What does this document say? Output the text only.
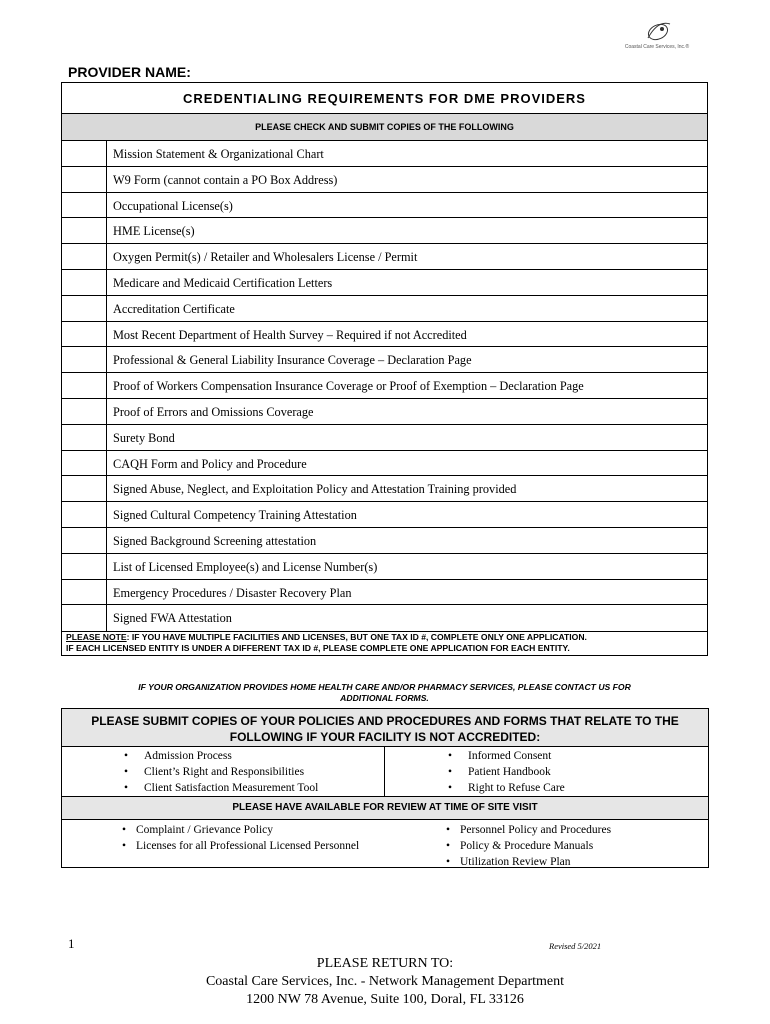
Coastal Care Services, Inc.®
PROVIDER NAME:
CREDENTIALING REQUIREMENTS FOR DME PROVIDERS
PLEASE CHECK AND SUBMIT COPIES OF THE FOLLOWING
Mission Statement & Organizational Chart
W9 Form (cannot contain a PO Box Address)
Occupational License(s)
HME License(s)
Oxygen Permit(s) / Retailer and Wholesalers License / Permit
Medicare and Medicaid Certification Letters
Accreditation Certificate
Most Recent Department of Health Survey – Required if not Accredited
Professional & General Liability Insurance Coverage – Declaration Page
Proof of Workers Compensation Insurance Coverage or Proof of Exemption – Declaration Page
Proof of Errors and Omissions Coverage
Surety Bond
CAQH Form and Policy and Procedure
Signed Abuse, Neglect, and Exploitation Policy and Attestation Training provided
Signed Cultural Competency Training Attestation
Signed Background Screening attestation
List of Licensed Employee(s) and License Number(s)
Emergency Procedures / Disaster Recovery Plan
Signed FWA Attestation
PLEASE NOTE: IF YOU HAVE MULTIPLE FACILITIES AND LICENSES, BUT ONE TAX ID #, COMPLETE ONLY ONE APPLICATION.
IF EACH LICENSED ENTITY IS UNDER A DIFFERENT TAX ID #, PLEASE COMPLETE ONE APPLICATION FOR EACH ENTITY.
IF YOUR ORGANIZATION PROVIDES HOME HEALTH CARE AND/OR PHARMACY SERVICES, PLEASE CONTACT US FOR
ADDITIONAL FORMS.
PLEASE SUBMIT COPIES OF YOUR POLICIES AND PROCEDURES AND FORMS THAT RELATE TO THE
FOLLOWING IF YOUR FACILITY IS NOT ACCREDITED:
• Admission Process
• Client’s Right and Responsibilities
• Client Satisfaction Measurement Tool
• Informed Consent
• Patient Handbook
• Right to Refuse Care
PLEASE HAVE AVAILABLE FOR REVIEW AT TIME OF SITE VISIT
• Complaint / Grievance Policy
• Licenses for all Professional Licensed Personnel
• Personnel Policy and Procedures
• Policy & Procedure Manuals
• Utilization Review Plan
1	Revised 5/2021
PLEASE RETURN TO:
Coastal Care Services, Inc. - Network Management Department
1200 NW 78 Avenue, Suite 100, Doral, FL 33126
